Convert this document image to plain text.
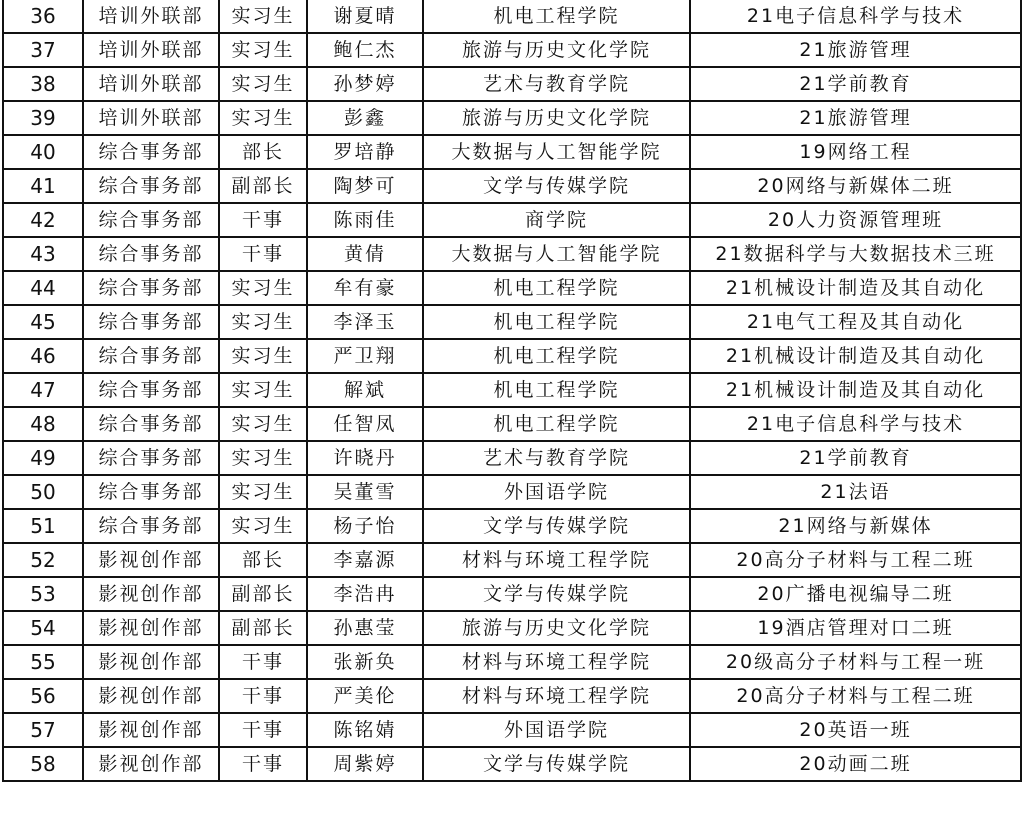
36	培训外联部	实习生	谢夏晴	机电工程学院	21电子信息科学与技术
37	培训外联部	实习生	鲍仁杰	旅游与历史文化学院	21旅游管理
38	培训外联部	实习生	孙梦婷	艺术与教育学院	21学前教育
39	培训外联部	实习生	彭鑫	旅游与历史文化学院	21旅游管理
40	综合事务部	部长	罗培静	大数据与人工智能学院	19网络工程
41	综合事务部	副部长	陶梦可	文学与传媒学院	20网络与新媒体二班
42	综合事务部	干事	陈雨佳	商学院	20人力资源管理班
43	综合事务部	干事	黄倩	大数据与人工智能学院	21数据科学与大数据技术三班
44	综合事务部	实习生	牟有豪	机电工程学院	21机械设计制造及其自动化
45	综合事务部	实习生	李泽玉	机电工程学院	21电气工程及其自动化
46	综合事务部	实习生	严卫翔	机电工程学院	21机械设计制造及其自动化
47	综合事务部	实习生	解斌	机电工程学院	21机械设计制造及其自动化
48	综合事务部	实习生	任智凤	机电工程学院	21电子信息科学与技术
49	综合事务部	实习生	许晓丹	艺术与教育学院	21学前教育
50	综合事务部	实习生	吴董雪	外国语学院	21法语
51	综合事务部	实习生	杨子怡	文学与传媒学院	21网络与新媒体
52	影视创作部	部长	李嘉源	材料与环境工程学院	20高分子材料与工程二班
53	影视创作部	副部长	李浩冉	文学与传媒学院	20广播电视编导二班
54	影视创作部	副部长	孙惠莹	旅游与历史文化学院	19酒店管理对口二班
55	影视创作部	干事	张新奂	材料与环境工程学院	20级高分子材料与工程一班
56	影视创作部	干事	严美伦	材料与环境工程学院	20高分子材料与工程二班
57	影视创作部	干事	陈铭婧	外国语学院	20英语一班
58	影视创作部	干事	周紫婷	文学与传媒学院	20动画二班
